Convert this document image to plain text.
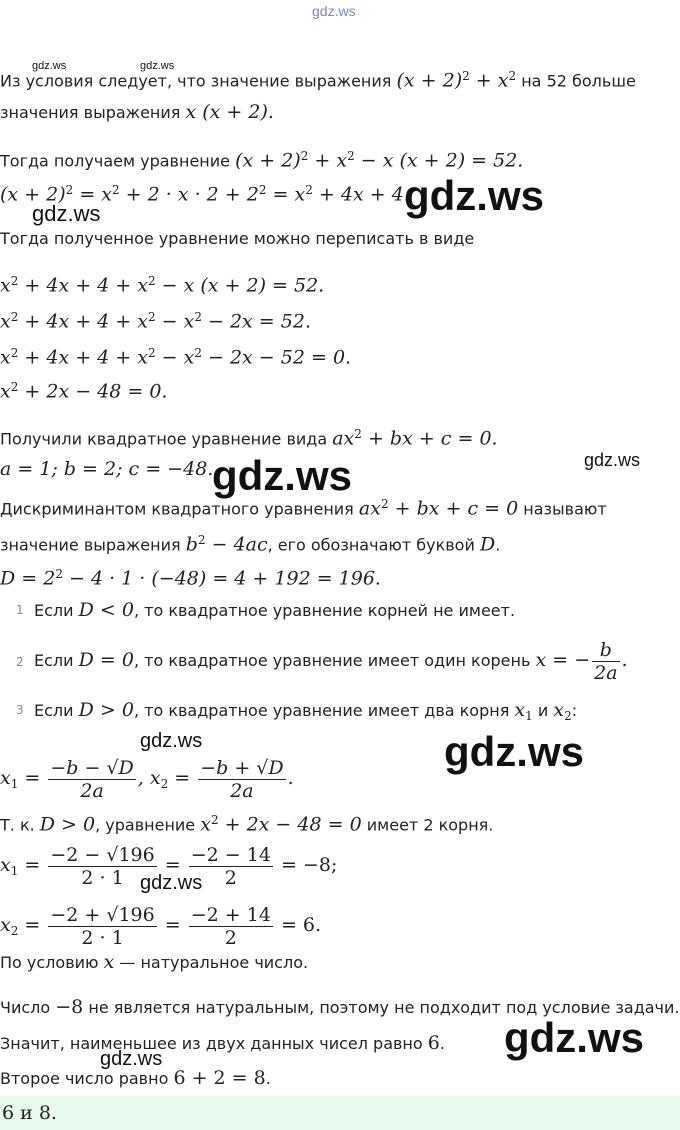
gdz.ws
Из условия следует, что значение выражения $(x + 2)^2 + x^2$ на 52 больше
gdz.ws	gdz.ws
значения выражения x (x + 2).
Тогда получаем уравнение $(x + 2)^2 + x^2 - x$ (x + 2) = 52.
$(x + 2)^2 = x^2 + 2 \cdot x \cdot 2 + 2^2 = x^2 + 4x + 4$.
gdz.ws
gdz.ws
Тогда полученное уравнение можно переписать в виде
$x^2 + 4x + 4 + x^2 - x$ (x + 2) = 52.
$x^2 + 4x + 4 + x^2 - x^2 - 2x = 52$.
$x^2 + 4x + 4 + x^2 - x^2 - 2x - 52 = 0$.
$x^2 + 2x - 48 = 0$.
Получили квадратное уравнение вида $ax^2$ + bx + c = 0.
a = 1; b = 2; c = −48.
gdz.ws	gdz.ws
Дискриминантом квадратного уравнения $ax^2$ + bx + c = 0 называют
значение выражения $b^2 - 4ac$, его обозначают буквой D.
$D = 2^2 - 4 \cdot 1 \cdot (-48) = 4 + 192 = 196$.
1 Если D < 0, то квадратное уравнение корней не имеет.
2 Если D = 0, то квадратное уравнение имеет один корень x = − $\frac{b}{2a}$ .
3 Если D > 0, то квадратное уравнение имеет два корня $x_1$ и $x_2$:
gdz.ws	gdz.ws
$x_1 = \frac{-b - √D}{2a}$ , $x_2 = \frac{-b + √D}{2a}$ .
Т. к. D > 0, уравнение $x^2 + 2x - 48 = 0$ имеет 2 корня.
$x_1 = \frac{-2 - √196}{2 \cdot 1} = \frac{-2 - 14}{2} = -8$;
gdz.ws
$x_2 = \frac{-2 + √196}{2 \cdot 1} = \frac{-2 + 14}{2} = 6$.
По условию x — натуральное число.
Число −8 не является натуральным, поэтому не подходит под условие задачи.
Значит, наименьшее из двух данных чисел равно 6. gdz.ws
gdz.ws
Второе число равно 6 + 2 = 8.
6 и 8.
